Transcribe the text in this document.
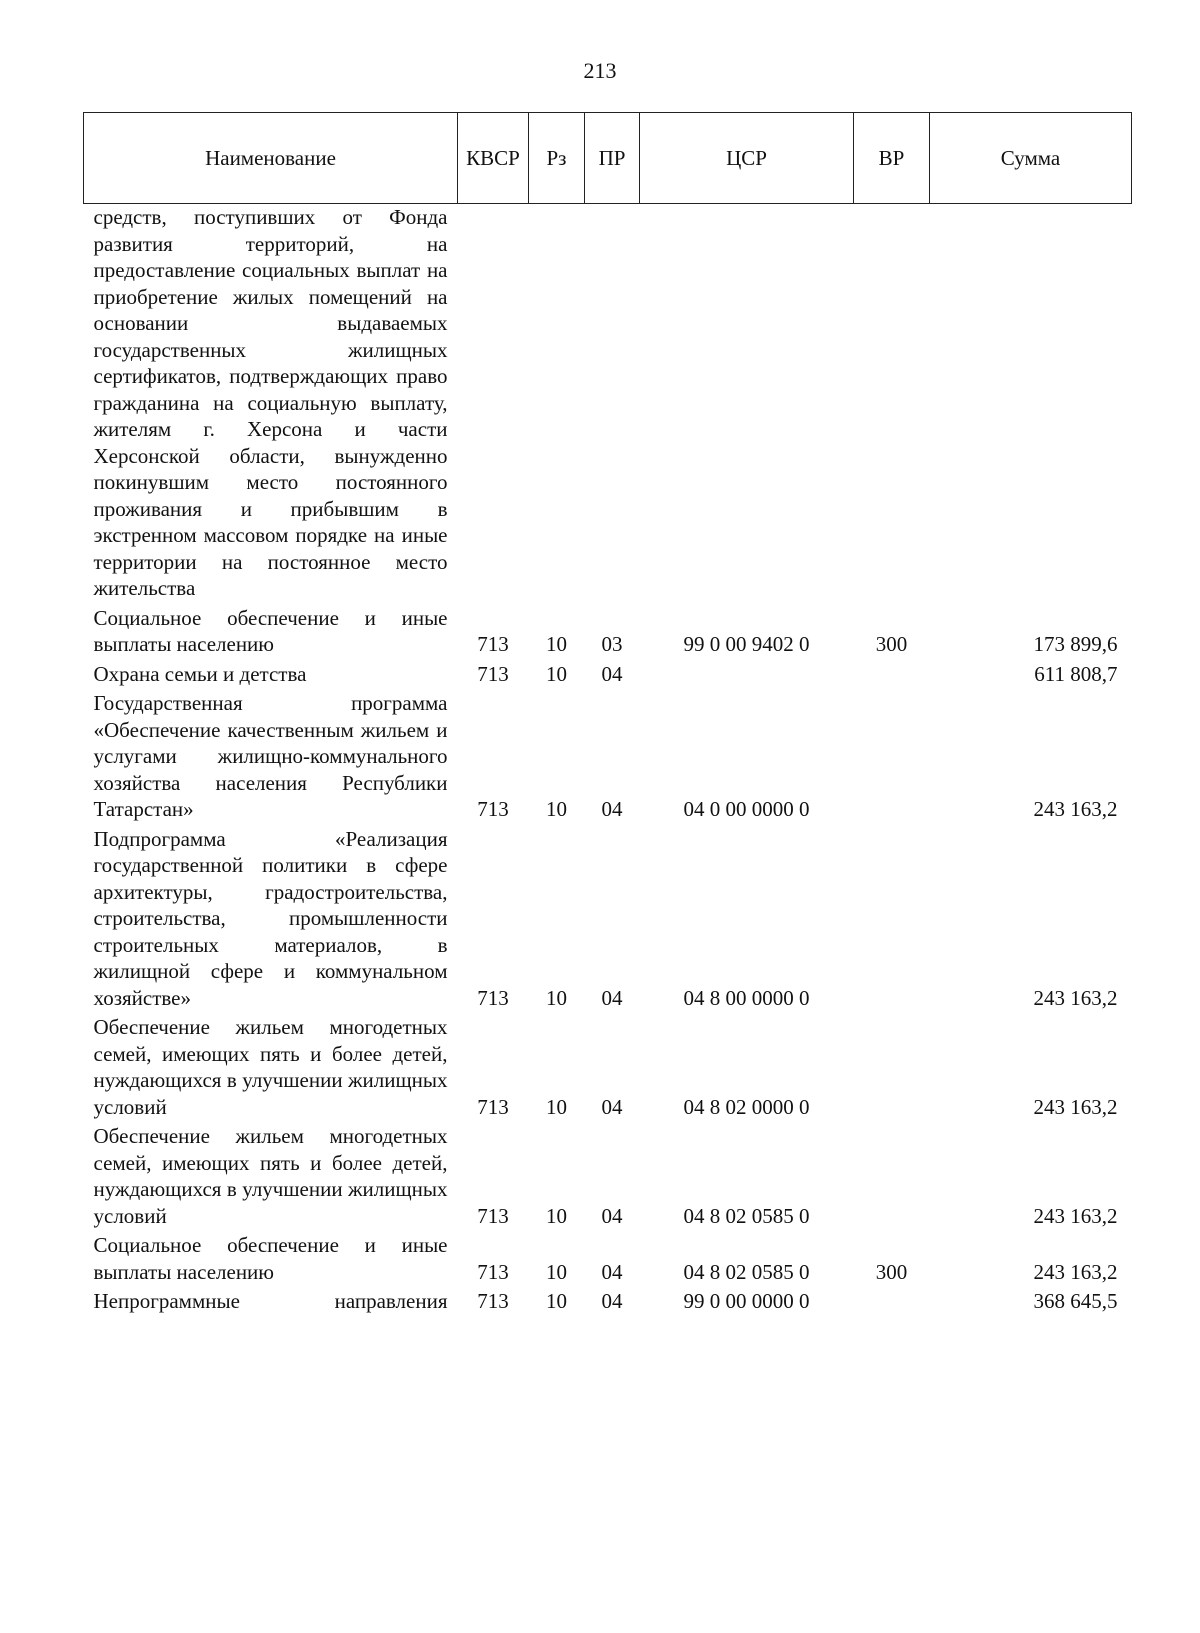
213
Наименование	КВСР	Рз	ПР	ЦСР	ВР	Сумма
средств, поступивших от Фонда развития территорий, на предоставление социальных выплат на приобретение жилых помещений на основании выдаваемых государственных жилищных сертификатов, подтверждающих право гражданина на социальную выплату, жителям г. Херсона и части Херсонской области, вынужденно покинувшим место постоянного проживания и прибывшим в экстренном массовом порядке на иные территории на постоянное место жительства						
Социальное обеспечение и иные выплаты населению	713	10	03	99 0 00 9402 0	300	173 899,6
Охрана семьи и детства	713	10	04			611 808,7
Государственная программа «Обеспечение качественным жильем и услугами жилищно-коммунального хозяйства населения Республики Татарстан»	713	10	04	04 0 00 0000 0		243 163,2
Подпрограмма «Реализация государственной политики в сфере архитектуры, градостроительства, строительства, промышленности строительных материалов, в жилищной сфере и коммунальном хозяйстве»	713	10	04	04 8 00 0000 0		243 163,2
Обеспечение жильем многодетных семей, имеющих пять и более детей, нуждающихся в улучшении жилищных условий	713	10	04	04 8 02 0000 0		243 163,2
Обеспечение жильем многодетных семей, имеющих пять и более детей, нуждающихся в улучшении жилищных условий	713	10	04	04 8 02 0585 0		243 163,2
Социальное обеспечение и иные выплаты населению	713	10	04	04 8 02 0585 0	300	243 163,2
Непрограммные направления	713	10	04	99 0 00 0000 0		368 645,5
